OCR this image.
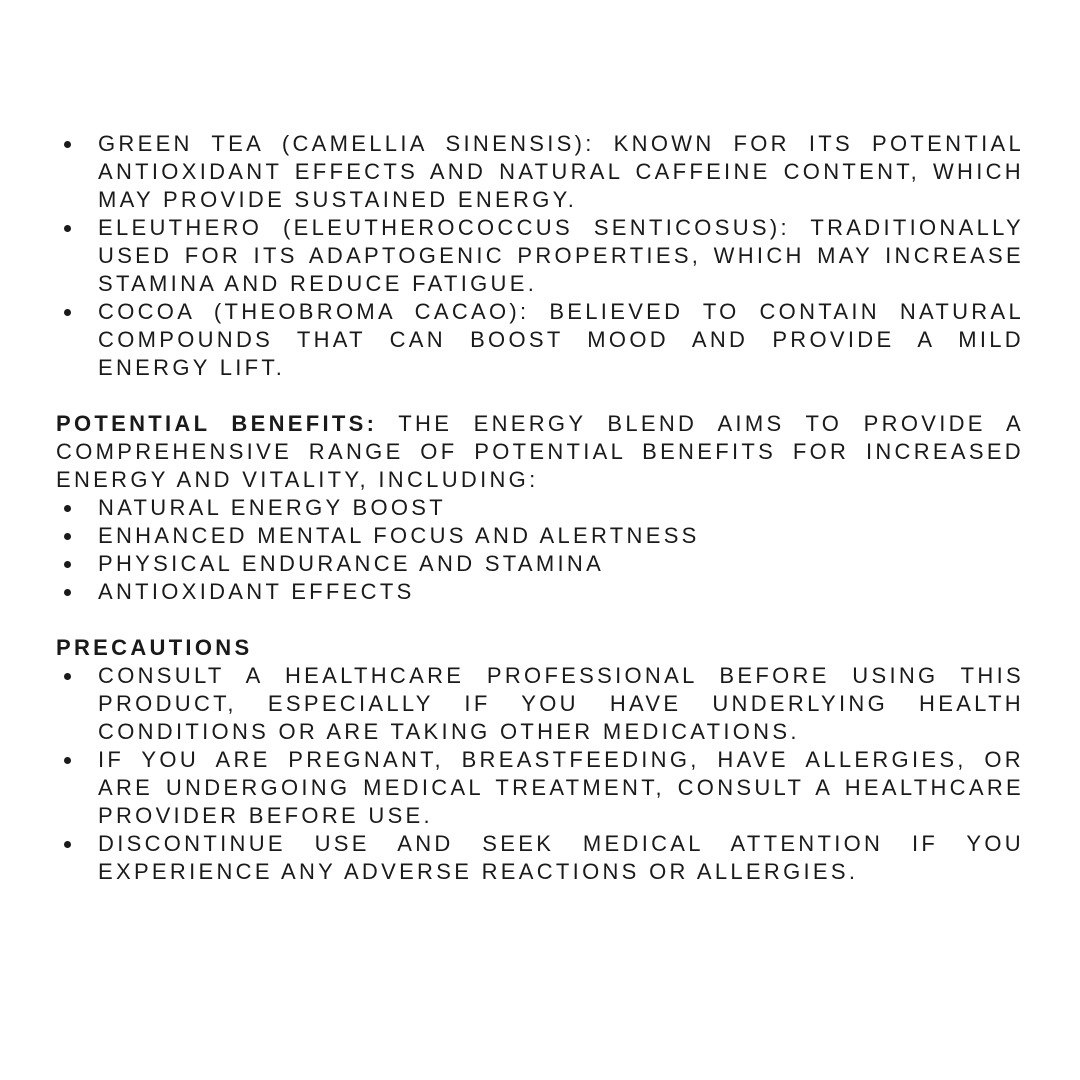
GREEN TEA (CAMELLIA SINENSIS): KNOWN FOR ITS POTENTIAL ANTIOXIDANT EFFECTS AND NATURAL CAFFEINE CONTENT, WHICH MAY PROVIDE SUSTAINED ENERGY.
ELEUTHERO (ELEUTHEROCOCCUS SENTICOSUS): TRADITIONALLY USED FOR ITS ADAPTOGENIC PROPERTIES, WHICH MAY INCREASE STAMINA AND REDUCE FATIGUE.
COCOA (THEOBROMA CACAO): BELIEVED TO CONTAIN NATURAL COMPOUNDS THAT CAN BOOST MOOD AND PROVIDE A MILD ENERGY LIFT.

POTENTIAL BENEFITS: THE ENERGY BLEND AIMS TO PROVIDE A COMPREHENSIVE RANGE OF POTENTIAL BENEFITS FOR INCREASED ENERGY AND VITALITY, INCLUDING:

NATURAL ENERGY BOOST
ENHANCED MENTAL FOCUS AND ALERTNESS
PHYSICAL ENDURANCE AND STAMINA
ANTIOXIDANT EFFECTS

PRECAUTIONS

CONSULT A HEALTHCARE PROFESSIONAL BEFORE USING THIS PRODUCT, ESPECIALLY IF YOU HAVE UNDERLYING HEALTH CONDITIONS OR ARE TAKING OTHER MEDICATIONS.
IF YOU ARE PREGNANT, BREASTFEEDING, HAVE ALLERGIES, OR ARE UNDERGOING MEDICAL TREATMENT, CONSULT A HEALTHCARE PROVIDER BEFORE USE.
DISCONTINUE USE AND SEEK MEDICAL ATTENTION IF YOU EXPERIENCE ANY ADVERSE REACTIONS OR ALLERGIES.
